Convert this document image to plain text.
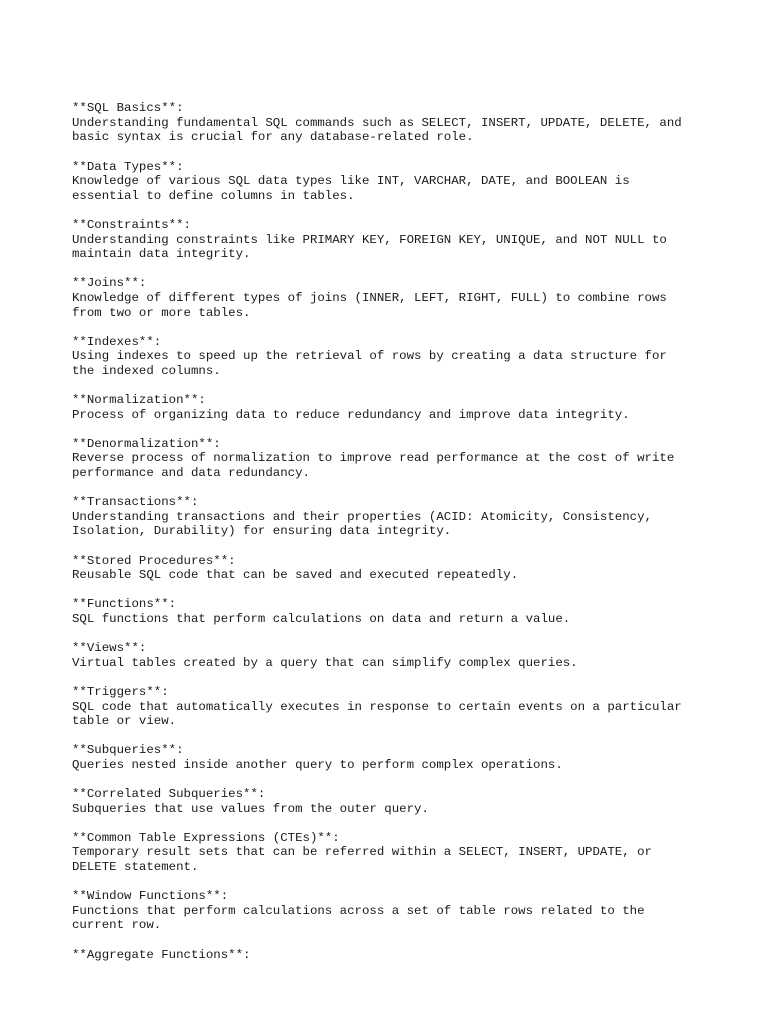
**SQL Basics**:
Understanding fundamental SQL commands such as SELECT, INSERT, UPDATE, DELETE, and
basic syntax is crucial for any database-related role.
**Data Types**:
Knowledge of various SQL data types like INT, VARCHAR, DATE, and BOOLEAN is
essential to define columns in tables.
**Constraints**:
Understanding constraints like PRIMARY KEY, FOREIGN KEY, UNIQUE, and NOT NULL to
maintain data integrity.
**Joins**:
Knowledge of different types of joins (INNER, LEFT, RIGHT, FULL) to combine rows
from two or more tables.
**Indexes**:
Using indexes to speed up the retrieval of rows by creating a data structure for
the indexed columns.
**Normalization**:
Process of organizing data to reduce redundancy and improve data integrity.
**Denormalization**:
Reverse process of normalization to improve read performance at the cost of write
performance and data redundancy.
**Transactions**:
Understanding transactions and their properties (ACID: Atomicity, Consistency,
Isolation, Durability) for ensuring data integrity.
**Stored Procedures**:
Reusable SQL code that can be saved and executed repeatedly.
**Functions**:
SQL functions that perform calculations on data and return a value.
**Views**:
Virtual tables created by a query that can simplify complex queries.
**Triggers**:
SQL code that automatically executes in response to certain events on a particular
table or view.
**Subqueries**:
Queries nested inside another query to perform complex operations.
**Correlated Subqueries**:
Subqueries that use values from the outer query.
**Common Table Expressions (CTEs)**:
Temporary result sets that can be referred within a SELECT, INSERT, UPDATE, or
DELETE statement.
**Window Functions**:
Functions that perform calculations across a set of table rows related to the
current row.
**Aggregate Functions**:
